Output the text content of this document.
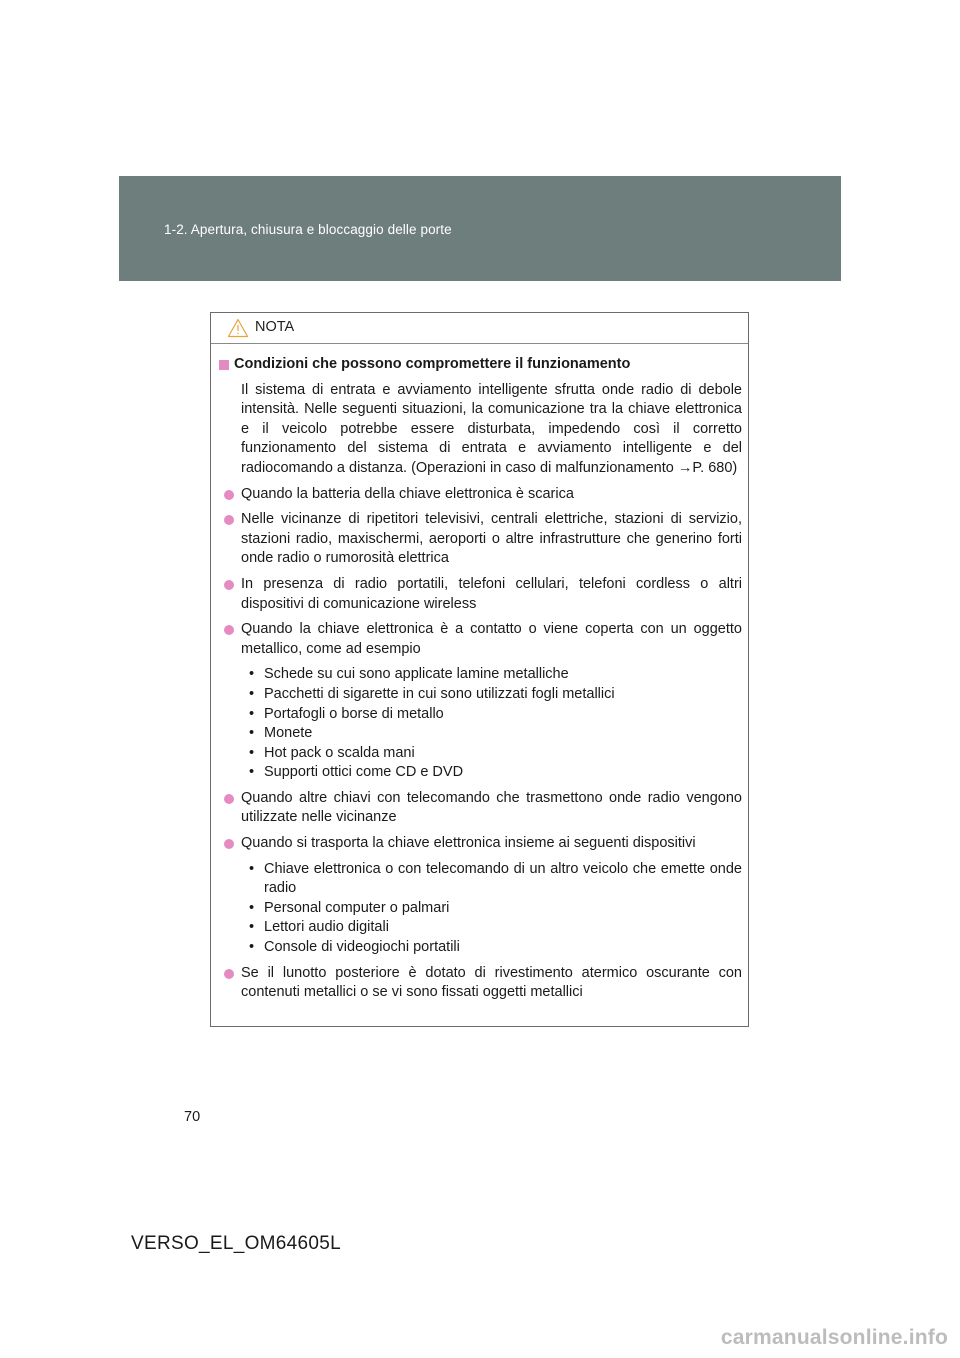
1-2. Apertura, chiusura e bloccaggio delle porte
NOTA
Condizioni che possono compromettere il funzionamento
Il sistema di entrata e avviamento intelligente sfrutta onde radio di debole intensità. Nelle seguenti situazioni, la comunicazione tra la chiave elettronica e il veicolo potrebbe essere disturbata, impedendo così il corretto funzionamento del sistema di entrata e avviamento intelligente e del radiocomando a distanza. (Operazioni in caso di malfunzionamento →P. 680)
Quando la batteria della chiave elettronica è scarica
Nelle vicinanze di ripetitori televisivi, centrali elettriche, stazioni di servizio, stazioni radio, maxischermi, aeroporti o altre infrastrutture che generino forti onde radio o rumorosità elettrica
In presenza di radio portatili, telefoni cellulari, telefoni cordless o altri dispositivi di comunicazione wireless
Quando la chiave elettronica è a contatto o viene coperta con un oggetto metallico, come ad esempio
• Schede su cui sono applicate lamine metalliche
• Pacchetti di sigarette in cui sono utilizzati fogli metallici
• Portafogli o borse di metallo
• Monete
• Hot pack o scalda mani
• Supporti ottici come CD e DVD
Quando altre chiavi con telecomando che trasmettono onde radio vengono utilizzate nelle vicinanze
Quando si trasporta la chiave elettronica insieme ai seguenti dispositivi
• Chiave elettronica o con telecomando di un altro veicolo che emette onde radio
• Personal computer o palmari
• Lettori audio digitali
• Console di videogiochi portatili
Se il lunotto posteriore è dotato di rivestimento atermico oscurante con contenuti metallici o se vi sono fissati oggetti metallici
70
VERSO_EL_OM64605L
carmanualsonline.info
